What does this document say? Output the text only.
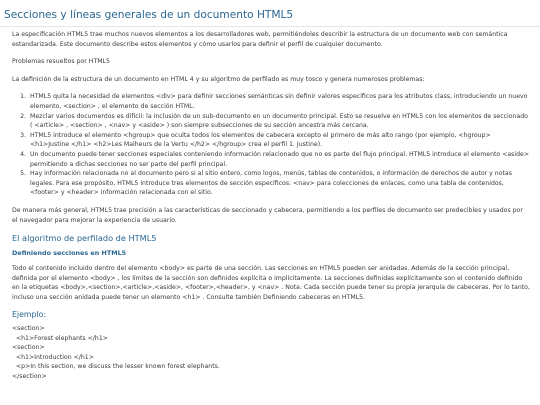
Secciones y líneas generales de un documento HTML5

La especificación HTML5 trae muchos nuevos elementos a los desarrolladores web, permitiéndoles describir la estructura de un documento web con semántica estandarizada. Este documento describe estos elementos y cómo usarlos para definir el perfil de cualquier documento.

Problemas resueltos por HTML5

La definición de la estructura de un documento en HTML 4 y su algoritmo de perfilado es muy tosco y genera numerosos problemas:

1. HTML5 quita la necesidad de elementos <div> para definir secciones semánticas sin definir valores específicos para los atributos class, introduciendo un nuevo elemento, <section> , el elemento de sección HTML.
2. Mezclar varios documentos es difícil: la inclusión de un sub-documento en un documento principal. Esto se resuelve en HTML5 con los elementos de seccionado ( <article> , <section> , <nav> y <aside> ) son siempre subsecciones de su sección ancestra más cercana.
3. HTML5 introduce el elemento <hgroup> que oculta todos los elementos de cabecera excepto el primero de más alto rango (por ejemplo, <hgroup> <h1>Justine </h1> <h2>Les Malheurs de la Vertu </h2> </hgroup> crea el perfil 1. Justine).
4. Un documento puede tener secciones especiales conteniendo información relacionado que no es parte del flujo principal. HTML5 introduce el elemento <aside> permitiendo a dichas secciones no ser parte del perfil principal.
5. Hay información relacionada no al documento pero si al sitio entero, como logos, menús, tablas de contenidos, o información de derechos de autor y notas legales. Para ese propósito, HTML5 introduce tres elementos de sección específicos: <nav> para colecciones de enlaces, como una tabla de contenidos, <footer> y <header> información relacionada con el sitio.

De manera más general, HTML5 trae precisión a las características de seccionado y cabecera, permitiendo a los perfiles de documento ser predecibles y usados por el navegador para mejorar la experiencia de usuario.

El algoritmo de perfilado de HTML5
Definiendo secciones en HTML5

Todo el contenido incluido dentro del elemento <body> es parte de una sección. Las secciones en HTML5 pueden ser anidadas. Además de la sección principal, definida por el elemento <body> , los límites de la sección son definidos explícita o implícitamente. La secciones definidas explícitamente son el contenido definido en la etiquetas <body>,<section>,<article>,<aside>, <footer>,<header>, y <nav> . Nota: Cada sección puede tener su propia jerarquía de cabeceras. Por lo tanto, incluso una sección anidada puede tener un elemento <h1> . Consulte también Definiendo cabeceras en HTML5.

Ejemplo:
<section>
<h1>Forest elephants </h1>
<section>
<h1>Introduction </h1>
<p>In this section, we discuss the lesser known forest elephants.
</section>
